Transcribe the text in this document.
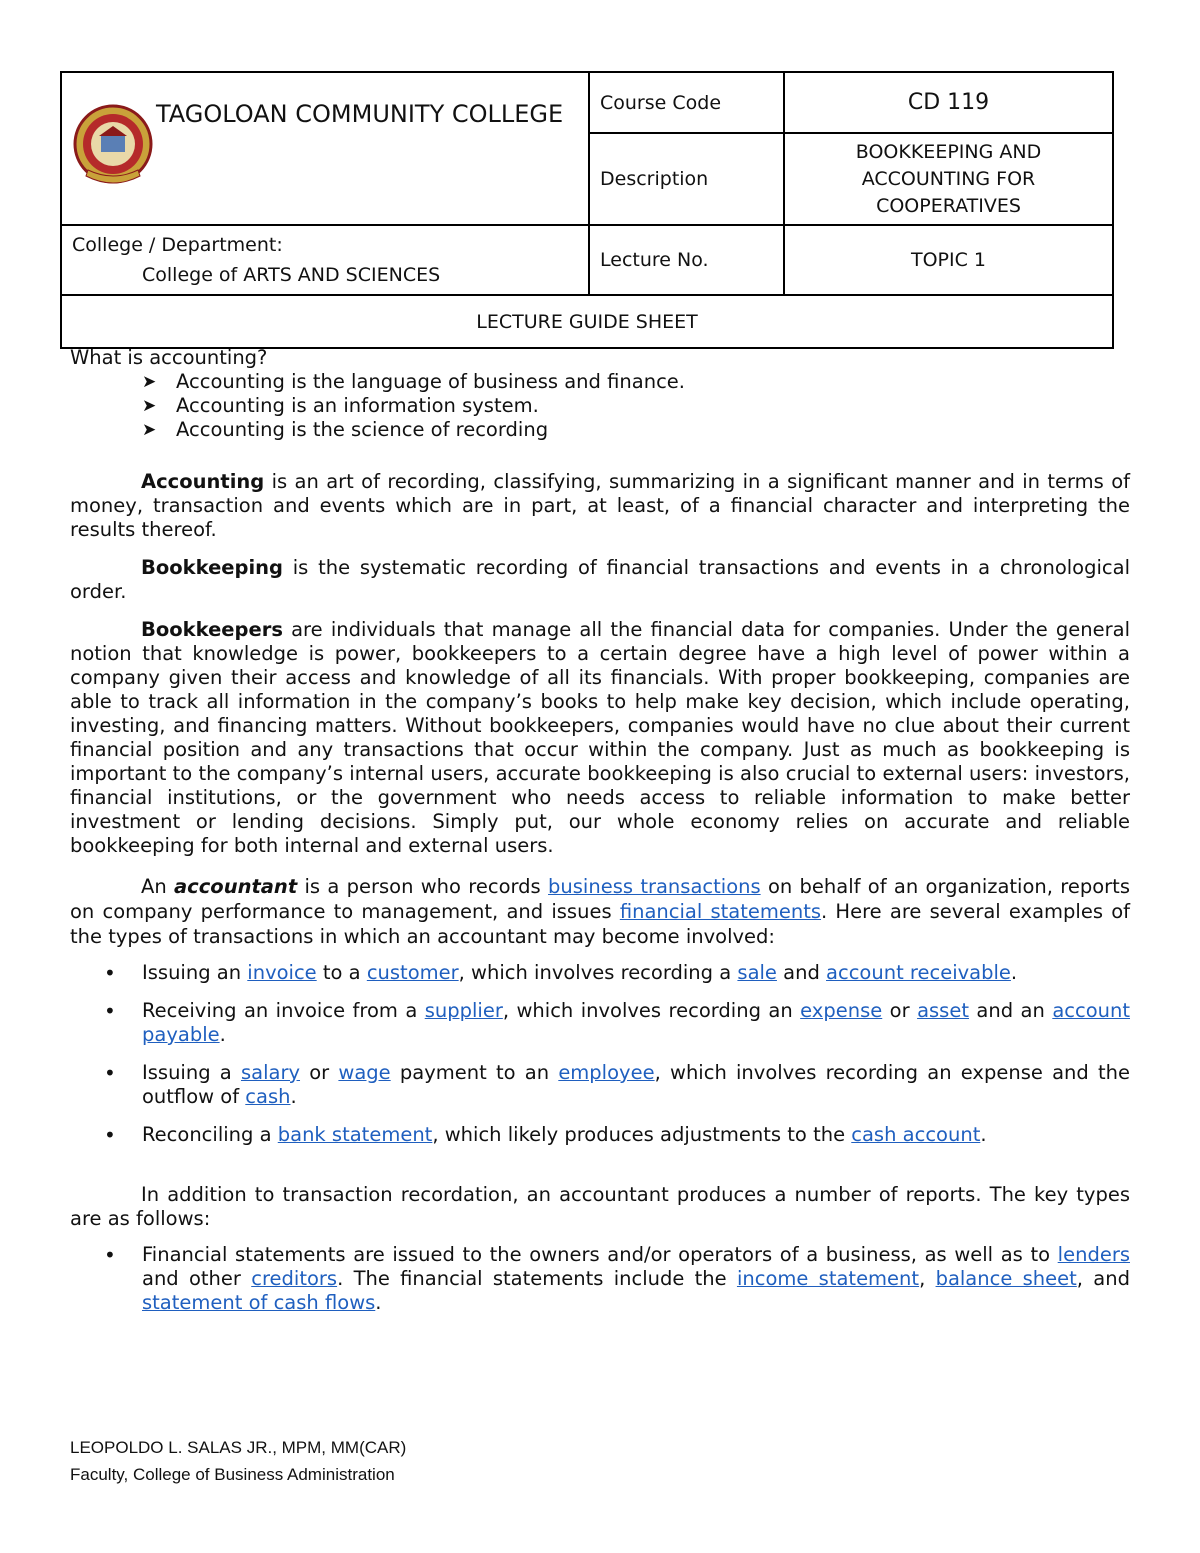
TAGOLOAN COMMUNITY COLLEGE	Course Code	CD 119
	Description	BOOKKEEPING AND ACCOUNTING FOR COOPERATIVES
College / Department:
College of ARTS AND SCIENCES	Lecture No.	TOPIC 1
LECTURE GUIDE SHEET		

What is accounting?

➤ Accounting is the language of business and finance.
➤ Accounting is an information system.
➤ Accounting is the science of recording

Accounting is an art of recording, classifying, summarizing in a significant manner and in terms of money, transaction and events which are in part, at least, of a financial character and interpreting the results thereof.

Bookkeeping is the systematic recording of financial transactions and events in a chronological order.

Bookkeepers are individuals that manage all the financial data for companies. Under the general notion that knowledge is power, bookkeepers to a certain degree have a high level of power within a company given their access and knowledge of all its financials. With proper bookkeeping, companies are able to track all information in the company’s books to help make key decision, which include operating, investing, and financing matters. Without bookkeepers, companies would have no clue about their current financial position and any transactions that occur within the company. Just as much as bookkeeping is important to the company’s internal users, accurate bookkeeping is also crucial to external users: investors, financial institutions, or the government who needs access to reliable information to make better investment or lending decisions. Simply put, our whole economy relies on accurate and reliable bookkeeping for both internal and external users.

An accountant is a person who records business transactions on behalf of an organization, reports on company performance to management, and issues financial statements. Here are several examples of the types of transactions in which an accountant may become involved:

• Issuing an invoice to a customer, which involves recording a sale and account receivable.
• Receiving an invoice from a supplier, which involves recording an expense or asset and an account payable.
• Issuing a salary or wage payment to an employee, which involves recording an expense and the outflow of cash.
• Reconciling a bank statement, which likely produces adjustments to the cash account.

In addition to transaction recordation, an accountant produces a number of reports. The key types are as follows:

• Financial statements are issued to the owners and/or operators of a business, as well as to lenders and other creditors. The financial statements include the income statement, balance sheet, and statement of cash flows.
LEOPOLDO L. SALAS JR., MPM, MM(CAR)
Faculty, College of Business Administration
